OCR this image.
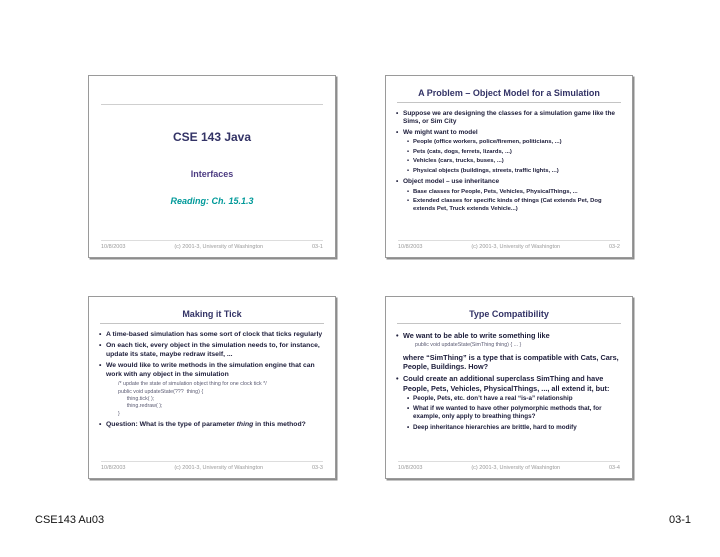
CSE 143 Java
Interfaces
Reading: Ch. 15.1.3
10/8/2003	(c) 2001-3, University of Washington	03-1
A Problem – Object Model for a Simulation
• Suppose we are designing the classes for a simulation game like the Sims, or Sim City
• We might want to model
• People (office workers, police/firemen, politicians, ...)
• Pets (cats, dogs, ferrets, lizards, ...)
• Vehicles (cars, trucks, buses, ...)
• Physical objects (buildings, streets, traffic lights, ...)
• Object model – use inheritance
• Base classes for People, Pets, Vehicles, PhysicalThings, ...
• Extended classes for specific kinds of things (Cat extends Pet, Dog extends Pet, Truck extends Vehicle...)
10/8/2003	(c) 2001-3, University of Washington	03-2
Making it Tick
• A time-based simulation has some sort of clock that ticks regularly
• On each tick, every object in the simulation needs to, for instance, update its state, maybe redraw itself, ...
• We would like to write methods in the simulation engine that can work with any object in the simulation
/* update the state of simulation object thing for one clock tick */
public void updateState(???  thing) {
thing.tick( );
thing.redraw( );
}
• Question: What is the type of parameter thing in this method?
10/8/2003	(c) 2001-3, University of Washington	03-3
Type Compatibility
• We want to be able to write something like
public void updateState(SimThing thing) { ... }
where “SimThing” is a type that is compatible with Cats, Cars, People, Buildings. How?
• Could create an additional superclass SimThing and have People, Pets, Vehicles, PhysicalThings, ..., all extend it, but:
• People, Pets, etc. don’t have a real “is-a” relationship
• What if we wanted to have other polymorphic methods that, for example, only apply to breathing things?
• Deep inheritance hierarchies are brittle, hard to modify
10/8/2003	(c) 2001-3, University of Washington	03-4
CSE143 Au03	03-1
